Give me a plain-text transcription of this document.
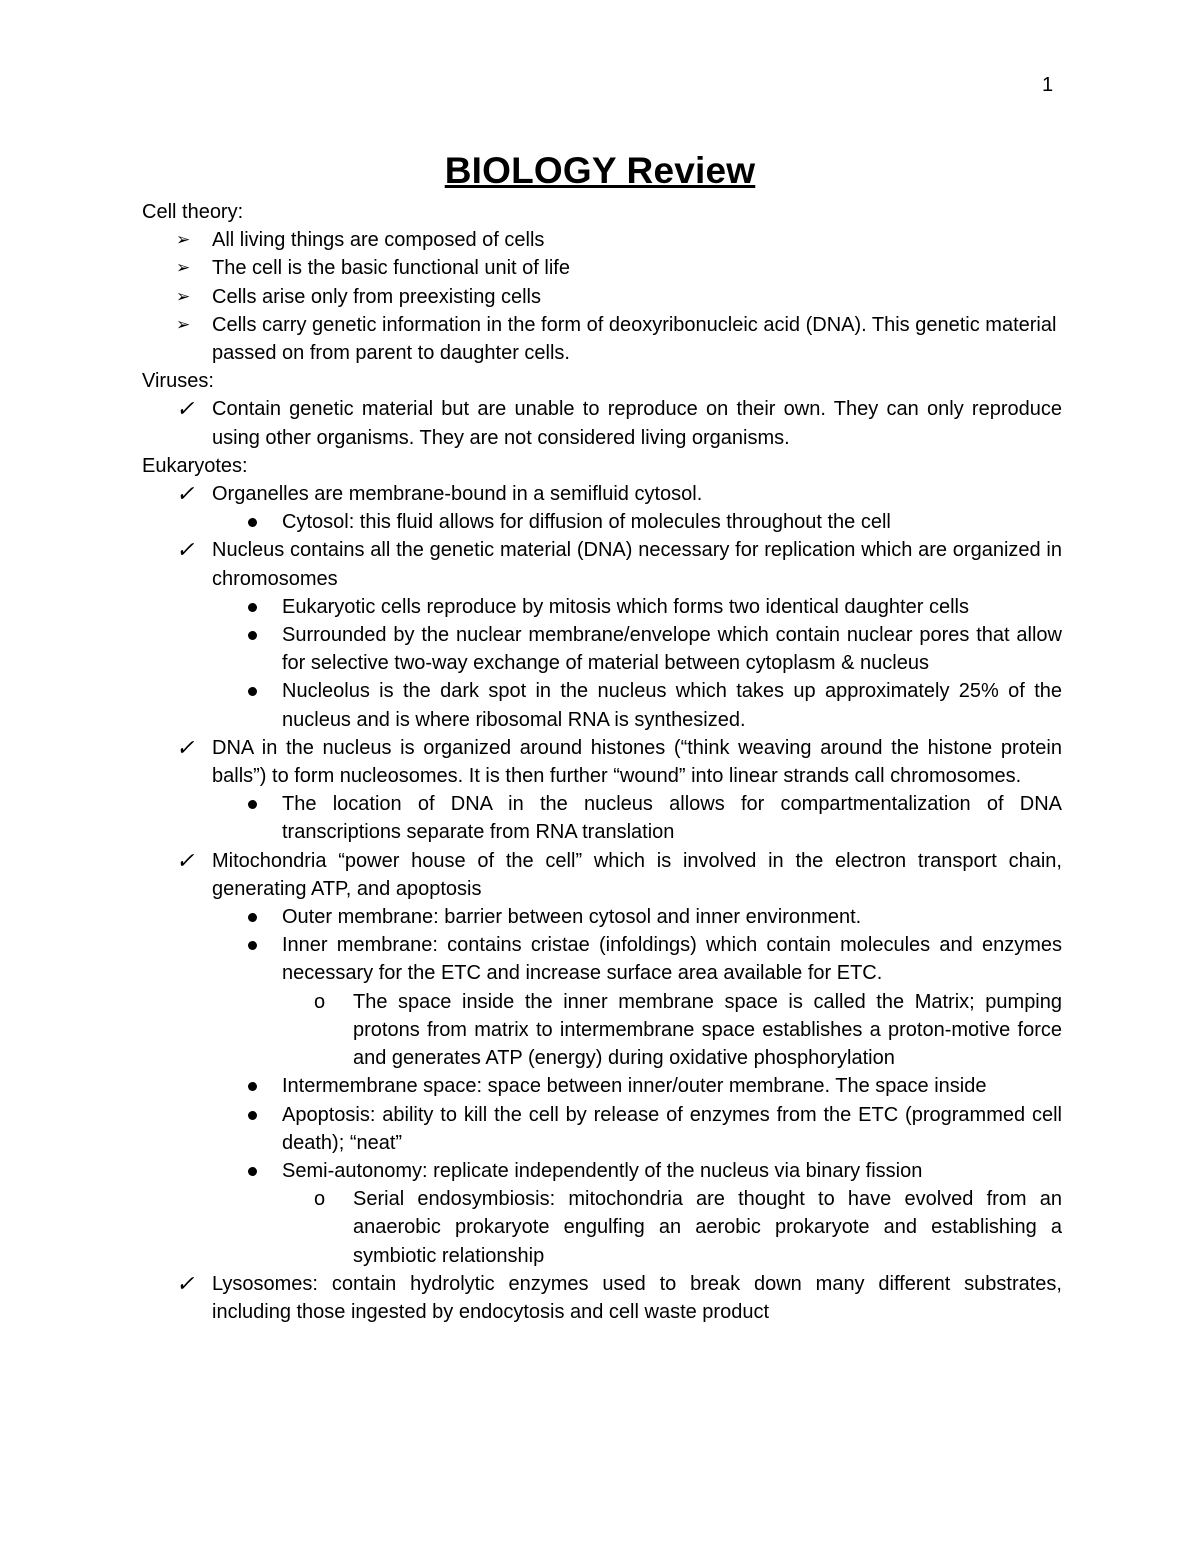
1
BIOLOGY Review

Cell theory:

➢ All living things are composed of cells

➢ The cell is the basic functional unit of life

➢ Cells arise only from preexisting cells

➢ Cells carry genetic information in the form of deoxyribonucleic acid (DNA). This genetic material passed on from parent to daughter cells.

Viruses:

✓ Contain genetic material but are unable to reproduce on their own. They can only reproduce using other organisms. They are not considered living organisms.

Eukaryotes:

✓ Organelles are membrane-bound in a semifluid cytosol.

Cytosol: this fluid allows for diffusion of molecules throughout the cell

✓ Nucleus contains all the genetic material (DNA) necessary for replication which are organized in chromosomes

Eukaryotic cells reproduce by mitosis which forms two identical daughter cells

Surrounded by the nuclear membrane/envelope which contain nuclear pores that allow for selective two-way exchange of material between cytoplasm & nucleus

Nucleolus is the dark spot in the nucleus which takes up approximately 25% of the nucleus and is where ribosomal RNA is synthesized.

✓ DNA in the nucleus is organized around histones (“think weaving around the histone protein balls”) to form nucleosomes. It is then further “wound” into linear strands call chromosomes.

The location of DNA in the nucleus allows for compartmentalization of DNA transcriptions separate from RNA translation

✓ Mitochondria “power house of the cell” which is involved in the electron transport chain, generating ATP, and apoptosis

Outer membrane: barrier between cytosol and inner environment.

Inner membrane: contains cristae (infoldings) which contain molecules and enzymes necessary for the ETC and increase surface area available for ETC.

o The space inside the inner membrane space is called the Matrix; pumping protons from matrix to intermembrane space establishes a proton-motive force and generates ATP (energy) during oxidative phosphorylation

Intermembrane space: space between inner/outer membrane. The space inside

Apoptosis: ability to kill the cell by release of enzymes from the ETC (programmed cell death); “neat”

Semi-autonomy: replicate independently of the nucleus via binary fission

o Serial endosymbiosis: mitochondria are thought to have evolved from an anaerobic prokaryote engulfing an aerobic prokaryote and establishing a symbiotic relationship

✓ Lysosomes: contain hydrolytic enzymes used to break down many different substrates, including those ingested by endocytosis and cell waste product
